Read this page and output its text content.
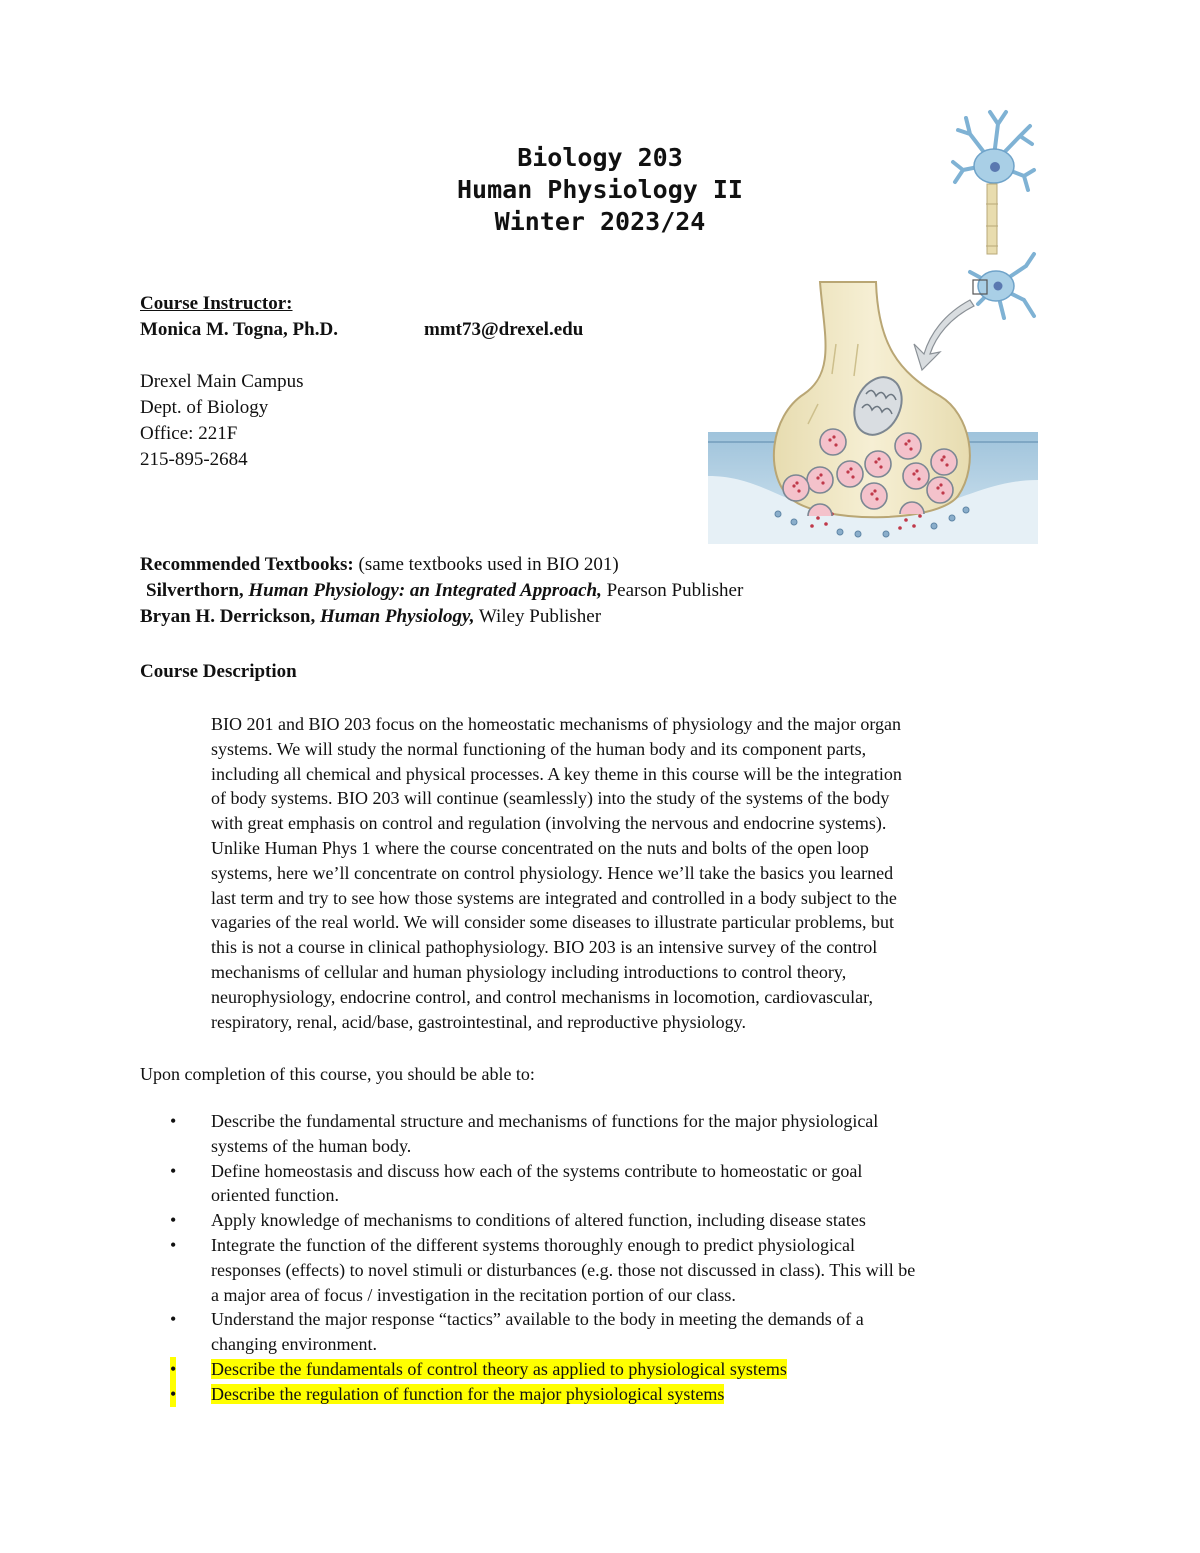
Biology 203
Human Physiology II
Winter 2023/24
Course Instructor:
Monica M. Togna, Ph.D.	mmt73@drexel.edu
Drexel Main Campus
Dept. of Biology
Office: 221F
215-895-2684
Recommended Textbooks: (same textbooks used in BIO 201)
Silverthorn, Human Physiology: an Integrated Approach, Pearson Publisher
Bryan H. Derrickson, Human Physiology, Wiley Publisher
Course Description

BIO 201 and BIO 203 focus on the homeostatic mechanisms of physiology and the major organ

systems. We will study the normal functioning of the human body and its component parts,

including all chemical and physical processes. A key theme in this course will be the integration

of body systems. BIO 203 will continue (seamlessly) into the study of the systems of the body

with great emphasis on control and regulation (involving the nervous and endocrine systems).

Unlike Human Phys 1 where the course concentrated on the nuts and bolts of the open loop

systems, here we’ll concentrate on control physiology. Hence we’ll take the basics you learned

last term and try to see how those systems are integrated and controlled in a body subject to the

vagaries of the real world. We will consider some diseases to illustrate particular problems, but

this is not a course in clinical pathophysiology. BIO 203 is an intensive survey of the control

mechanisms of cellular and human physiology including introductions to control theory,

neurophysiology, endocrine control, and control mechanisms in locomotion, cardiovascular,

respiratory, renal, acid/base, gastrointestinal, and reproductive physiology.

Upon completion of this course, you should be able to:
• Describe the fundamental structure and mechanisms of functions for the major physiological
systems of the human body.
• Define homeostasis and discuss how each of the systems contribute to homeostatic or goal
oriented function.
• Apply knowledge of mechanisms to conditions of altered function, including disease states
• Integrate the function of the different systems thoroughly enough to predict physiological
responses (effects) to novel stimuli or disturbances (e.g. those not discussed in class). This will be
a major area of focus / investigation in the recitation portion of our class.
• Understand the major response “tactics” available to the body in meeting the demands of a
changing environment.
• Describe the fundamentals of control theory as applied to physiological systems
• Describe the regulation of function for the major physiological systems
